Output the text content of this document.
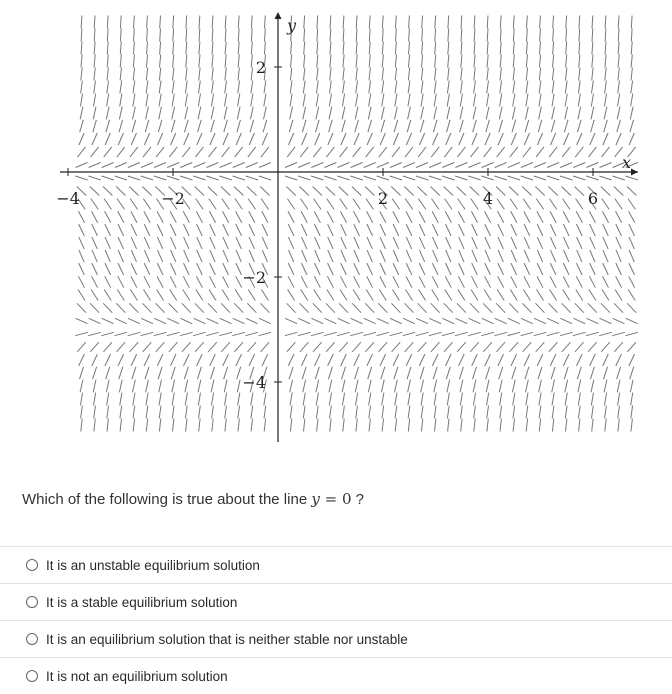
−4	−2	2	4	6
2
−2
−4
x
y
Which of the following is true about the line y = 0 ?
It is an unstable equilibrium solution
It is a stable equilibrium solution
It is an equilibrium solution that is neither stable nor unstable
It is not an equilibrium solution
